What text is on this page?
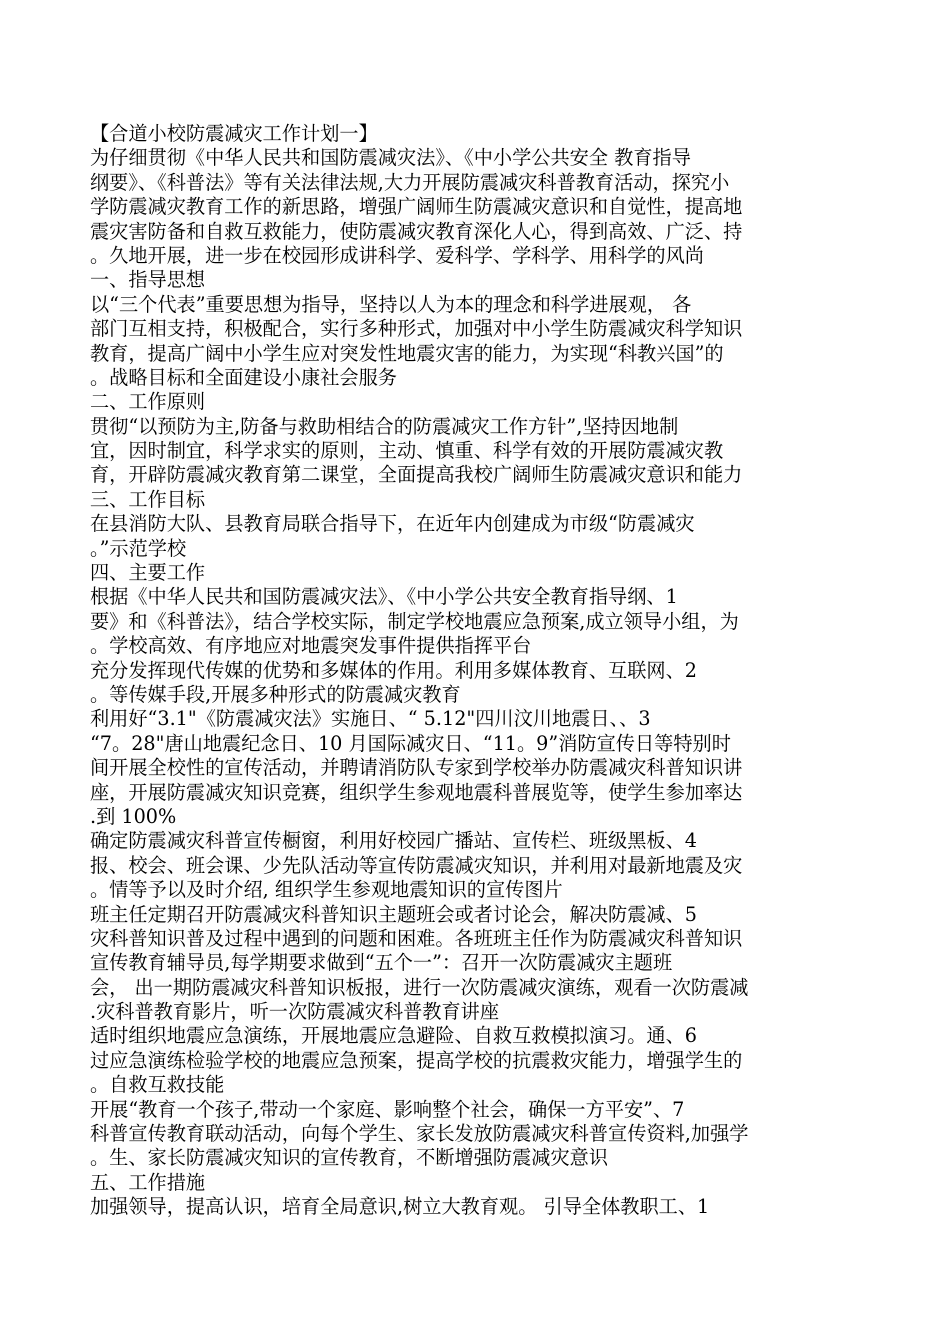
【合道小校防震减灾工作计划一】
为仔细贯彻《中华人民共和国防震减灾法》、《中小学公共安全 教育指导
纲要》、《科普法》等有关法律法规,大力开展防震减灾科普教育活动，探究小
学防震减灾教育工作的新思路，增强广阔师生防震减灾意识和自觉性，提高地
震灾害防备和自救互救能力，使防震减灾教育深化人心，得到高效、广泛、持
。久地开展，进一步在校园形成讲科学、爱科学、学科学、用科学的风尚
一、指导思想
以“三个代表”重要思想为指导，坚持以人为本的理念和科学进展观， 各
部门互相支持，积极配合，实行多种形式，加强对中小学生防震减灾科学知识
教育，提高广阔中小学生应对突发性地震灾害的能力，为实现“科教兴国”的
。战略目标和全面建设小康社会服务
二、工作原则
贯彻“以预防为主,防备与救助相结合的防震减灾工作方针”,坚持因地制
宜，因时制宜，科学求实的原则，主动、慎重、科学有效的开展防震减灾教
育，开辟防震减灾教育第二课堂，全面提高我校广阔师生防震减灾意识和能力
三、工作目标
在县消防大队、县教育局联合指导下，在近年内创建成为市级“防震减灾
。”示范学校
四、主要工作
根据《中华人民共和国防震减灾法》、《中小学公共安全教育指导纲、1
要》和《科普法》，结合学校实际，制定学校地震应急预案,成立领导小组，为
。学校高效、有序地应对地震突发事件提供指挥平台
充分发挥现代传媒的优势和多媒体的作用。利用多媒体教育、互联网、2
。等传媒手段,开展多种形式的防震减灾教育
利用好“3.1"《防震减灾法》实施日、“ 5.12"四川汶川地震日、、3
“7。28"唐山地震纪念日、10 月国际减灾日、“11。9”消防宣传日等特别时
间开展全校性的宣传活动，并聘请消防队专家到学校举办防震减灾科普知识讲
座，开展防震减灾知识竞赛，组织学生参观地震科普展览等，使学生参加率达
.到 100%
确定防震减灾科普宣传橱窗，利用好校园广播站、宣传栏、班级黑板、4
报、校会、班会课、少先队活动等宣传防震减灾知识，并利用对最新地震及灾
。情等予以及时介绍, 组织学生参观地震知识的宣传图片
班主任定期召开防震减灾科普知识主题班会或者讨论会，解决防震减、5
灾科普知识普及过程中遇到的问题和困难。各班班主任作为防震减灾科普知识
宣传教育辅导员,每学期要求做到“五个一”：召开一次防震减灾主题班
会， 出一期防震减灾科普知识板报，进行一次防震减灾演练，观看一次防震减
.灾科普教育影片，听一次防震减灾科普教育讲座
适时组织地震应急演练，开展地震应急避险、自救互救模拟演习。通、6
过应急演练检验学校的地震应急预案，提高学校的抗震救灾能力，增强学生的
。自救互救技能
开展“教育一个孩子,带动一个家庭、影响整个社会，确保一方平安”、7
科普宣传教育联动活动，向每个学生、家长发放防震减灾科普宣传资料,加强学
。生、家长防震减灾知识的宣传教育，不断增强防震减灾意识
五、工作措施
加强领导，提高认识，培育全局意识,树立大教育观。 引导全体教职工、1
